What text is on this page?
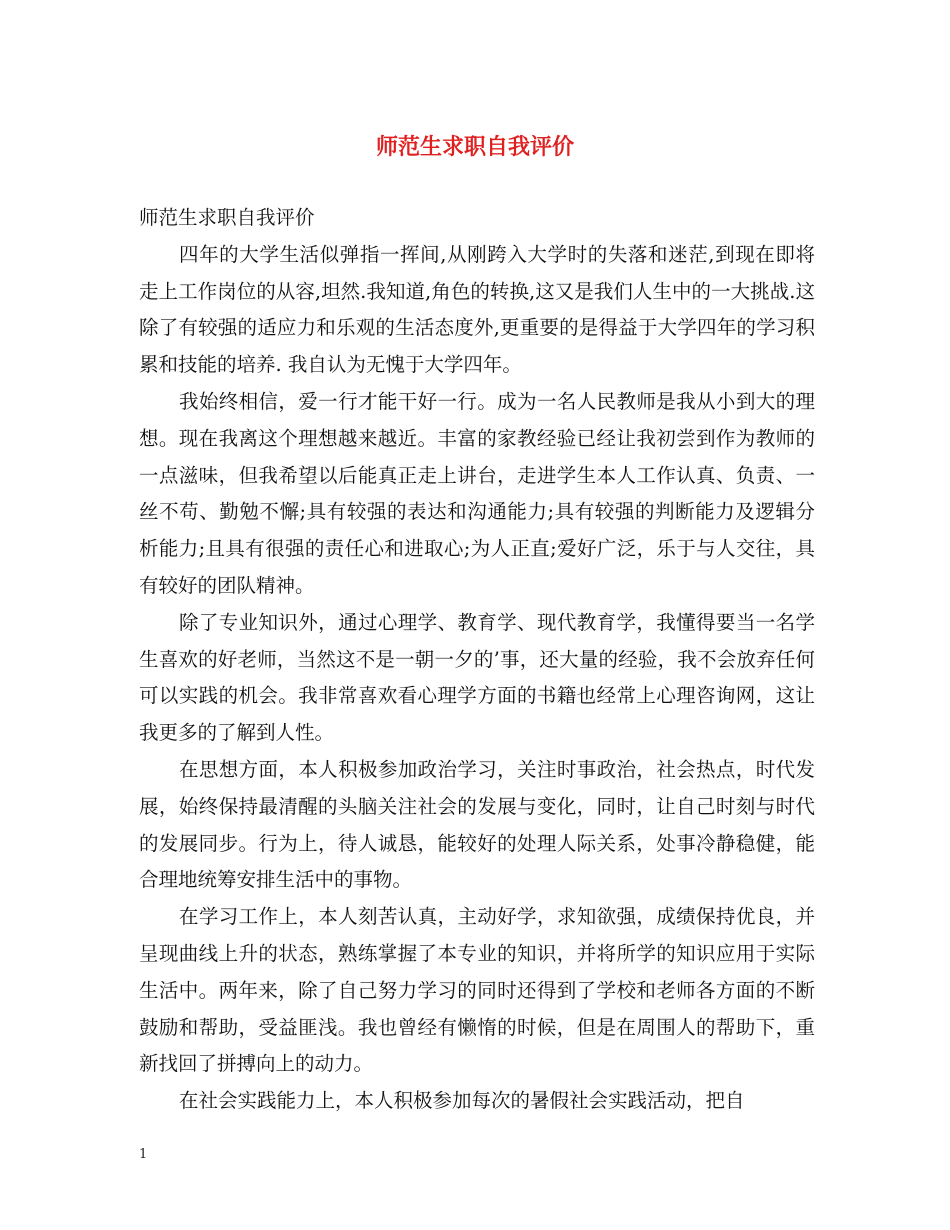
师范生求职自我评价

师范生求职自我评价

四年的大学生活似弹指一挥间,从刚跨入大学时的失落和迷茫,到现在即将走上工作岗位的从容,坦然.我知道,角色的转换,这又是我们人生中的一大挑战.这除了有较强的适应力和乐观的生活态度外,更重要的是得益于大学四年的学习积累和技能的培养. 我自认为无愧于大学四年。

我始终相信，爱一行才能干好一行。成为一名人民教师是我从小到大的理想。现在我离这个理想越来越近。丰富的家教经验已经让我初尝到作为教师的一点滋味，但我希望以后能真正走上讲台，走进学生本人工作认真、负责、一丝不苟、勤勉不懈;具有较强的表达和沟通能力;具有较强的判断能力及逻辑分析能力;且具有很强的责任心和进取心;为人正直;爱好广泛，乐于与人交往，具有较好的团队精神。

除了专业知识外，通过心理学、教育学、现代教育学，我懂得要当一名学生喜欢的好老师，当然这不是一朝一夕的’事，还大量的经验，我不会放弃任何可以实践的机会。我非常喜欢看心理学方面的书籍也经常上心理咨询网，这让我更多的了解到人性。

在思想方面，本人积极参加政治学习，关注时事政治，社会热点，时代发展，始终保持最清醒的头脑关注社会的发展与变化，同时，让自己时刻与时代的发展同步。行为上，待人诚恳，能较好的处理人际关系，处事冷静稳健，能合理地统筹安排生活中的事物。

在学习工作上，本人刻苦认真，主动好学，求知欲强，成绩保持优良，并呈现曲线上升的状态，熟练掌握了本专业的知识，并将所学的知识应用于实际生活中。两年来，除了自己努力学习的同时还得到了学校和老师各方面的不断鼓励和帮助，受益匪浅。我也曾经有懒惰的时候，但是在周围人的帮助下，重新找回了拼搏向上的动力。

在社会实践能力上，本人积极参加每次的暑假社会实践活动，把自

1
